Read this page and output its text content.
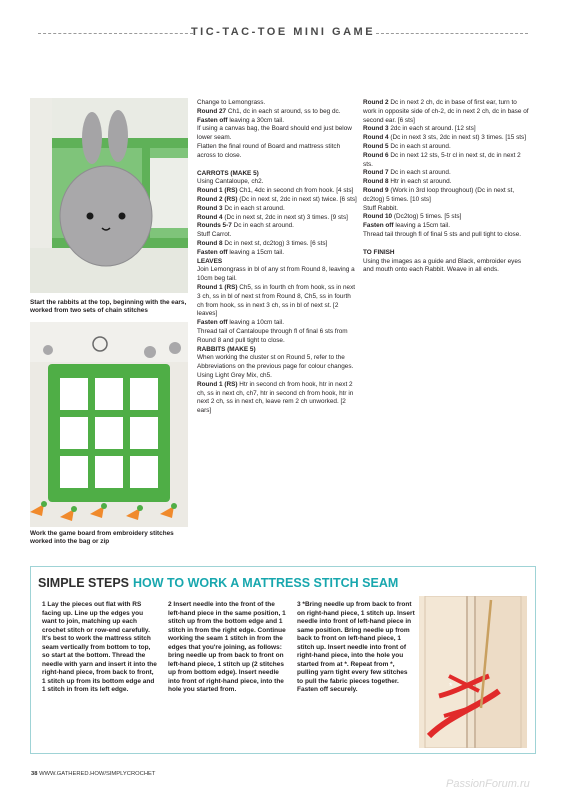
TIC-TAC-TOE MINI GAME
Start the rabbits at the top, beginning with the ears, worked from two sets of chain stitches
Work the game board from embroidery stitches worked into the bag or zip

Change to Lemongrass.

Round 27 Ch1, dc in each st around, ss to beg dc.

Fasten off leaving a 30cm tail.

If using a canvas bag, the Board should end just below lower seam.

Flatten the final round of Board and mattress stitch across to close.

CARROTS (MAKE 5)

Using Cantaloupe, ch2.

Round 1 (RS) Ch1, 4dc in second ch from hook. [4 sts]

Round 2 (RS) (Dc in next st, 2dc in next st) twice. [6 sts]

Round 3 Dc in each st around.

Round 4 (Dc in next st, 2dc in next st) 3 times. [9 sts]

Rounds 5-7 Dc in each st around.

Stuff Carrot.

Round 8 Dc in next st, dc2tog) 3 times. [6 sts]

Fasten off leaving a 15cm tail.

LEAVES

Join Lemongrass in bl of any st from Round 8, leaving a 10cm beg tail.

Round 1 (RS) Ch5, ss in fourth ch from hook, ss in next 3 ch, ss in bl of next st from Round 8, Ch5, ss in fourth ch from hook, ss in next 3 ch, ss in bl of next st. [2 leaves]

Fasten off leaving a 10cm tail.

Thread tail of Cantaloupe through fl of final 6 sts from Round 8 and pull tight to close.

RABBITS (MAKE 5)

When working the cluster st on Round 5, refer to the Abbreviations on the previous page for colour changes.

Using Light Grey Mix, ch5.

Round 1 (RS) Htr in second ch from hook, htr in next 2 ch, ss in next ch, ch7, htr in second ch from hook, htr in next 2 ch, ss in next ch, leave rem 2 ch unworked. [2 ears]

Round 2 Dc in next 2 ch, dc in base of first ear, turn to work in opposite side of ch-2, dc in next 2 ch, dc in base of second ear. [6 sts]

Round 3 2dc in each st around. [12 sts]

Round 4 (Dc in next 3 sts, 2dc in next st) 3 times. [15 sts]

Round 5 Dc in each st around.

Round 6 Dc in next 12 sts, 5-tr cl in next st, dc in next 2 sts.

Round 7 Dc in each st around.

Round 8 Htr in each st around.

Round 9 (Work in 3rd loop throughout) (Dc in next st, dc2tog) 5 times. [10 sts]

Stuff Rabbit.

Round 10 (Dc2tog) 5 times. [5 sts]

Fasten off leaving a 15cm tail.

Thread tail through fl of final 5 sts and pull tight to close.

TO FINISH

Using the images as a guide and Black, embroider eyes and mouth onto each Rabbit. Weave in all ends.

SIMPLE STEPS HOW TO WORK A MATTRESS STITCH SEAM
1 Lay the pieces out flat with RS facing up. Line up the edges you want to join, matching up each crochet stitch or row-end carefully. It's best to work the mattress stitch seam vertically from bottom to top, so start at the bottom. Thread the needle with yarn and insert it into the right-hand piece, from back to front, 1 stitch up from its bottom edge and 1 stitch in from its left edge.
2 Insert needle into the front of the left-hand piece in the same position, 1 stitch up from the bottom edge and 1 stitch in from the right edge. Continue working the seam 1 stitch in from the edges that you're joining, as follows: bring needle up from back to front on left-hand piece, 1 stitch up (2 stitches up from bottom edge). Insert needle into front of right-hand piece, into the hole you started from.
3 *Bring needle up from back to front on right-hand piece, 1 stitch up. Insert needle into front of left-hand piece in same position. Bring needle up from back to front on left-hand piece, 1 stitch up. Insert needle into front of right-hand piece, into the hole you started from at *. Repeat from *, pulling yarn tight every few stitches to pull the fabric pieces together. Fasten off securely.	*
38 WWW.GATHERED.HOW/SIMPLYCROCHET
PassionForum.ru
